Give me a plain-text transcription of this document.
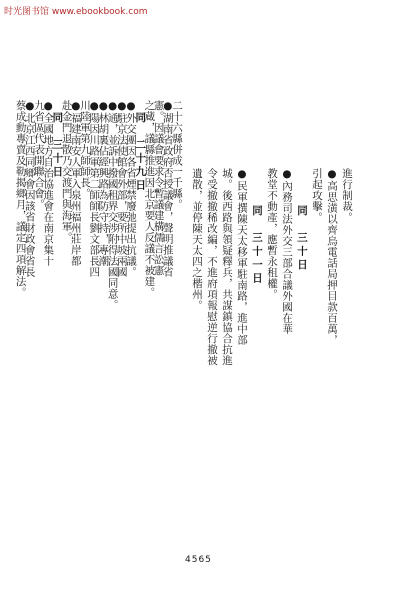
时光图书馆 www.ebookbook.com
4565
進行制裁。
●高思潢以齊烏電話局押目款百萬，
引起攻擊。
同　三十日
●內務司法外交三部合議外國在華
教堂不動產，應暫永租權。
同　三十一日
●民軍撰陳天太移軍駐南路，進中部
城。後西路與領疑釋兵，共謀鎮協合抗進
令受撤撤稀改編，不進府項報慰逆行撤被
遺散，並停陳天太四之楷州。
二十六縣併成一千縣。
●湖南省政府否授議會，聲明推議省
憲。因議會要求令暫議建構儒言訟憲
之蔵，議縣推進因北京要人反議不被建。
同　二十九日
●外交團因各省煙禁廢弛提出抗議。
●駐京法使館會外部，要所中坡兩國
●通，並訴中撥國租界交涉附得法國同意。
●林胡裏佔經興路為防守持，專潮
●陽因川路軍第二師師長劉文部長四
川陸軍第九師師長。
●福建南安人軍入泉州福州莊岸都
赴金門退散乃交渡門與海軍。
同　三十日
●全國地方自治協進會在南京集十
九省區代表開聯合會。
●北京江西同鄉會因該省財政會省長
蔡成勳專賣及勒揭鄉月，議定四項解法。
